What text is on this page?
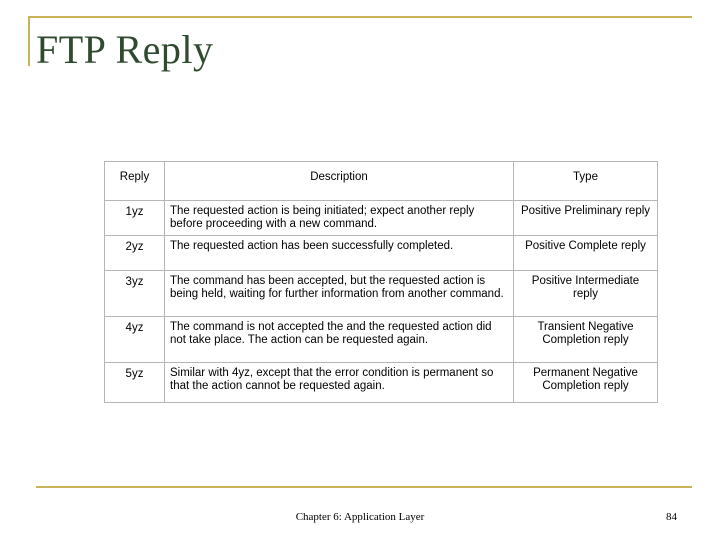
FTP Reply
Reply	Description	Type
1yz	The requested action is being initiated; expect another reply before proceeding with a new command.	Positive Preliminary reply
2yz	The requested action has been successfully completed.	Positive Complete reply
3yz	The command has been accepted, but the requested action is being held, waiting for further information from another command.	Positive Intermediate reply
4yz	The command is not accepted the and the requested action did not take place. The action can be requested again.	Transient Negative Completion reply
5yz	Similar with 4yz, except that the error condition is permanent so that the action cannot be requested again.	Permanent Negative Completion reply
Chapter 6: Application Layer	84
